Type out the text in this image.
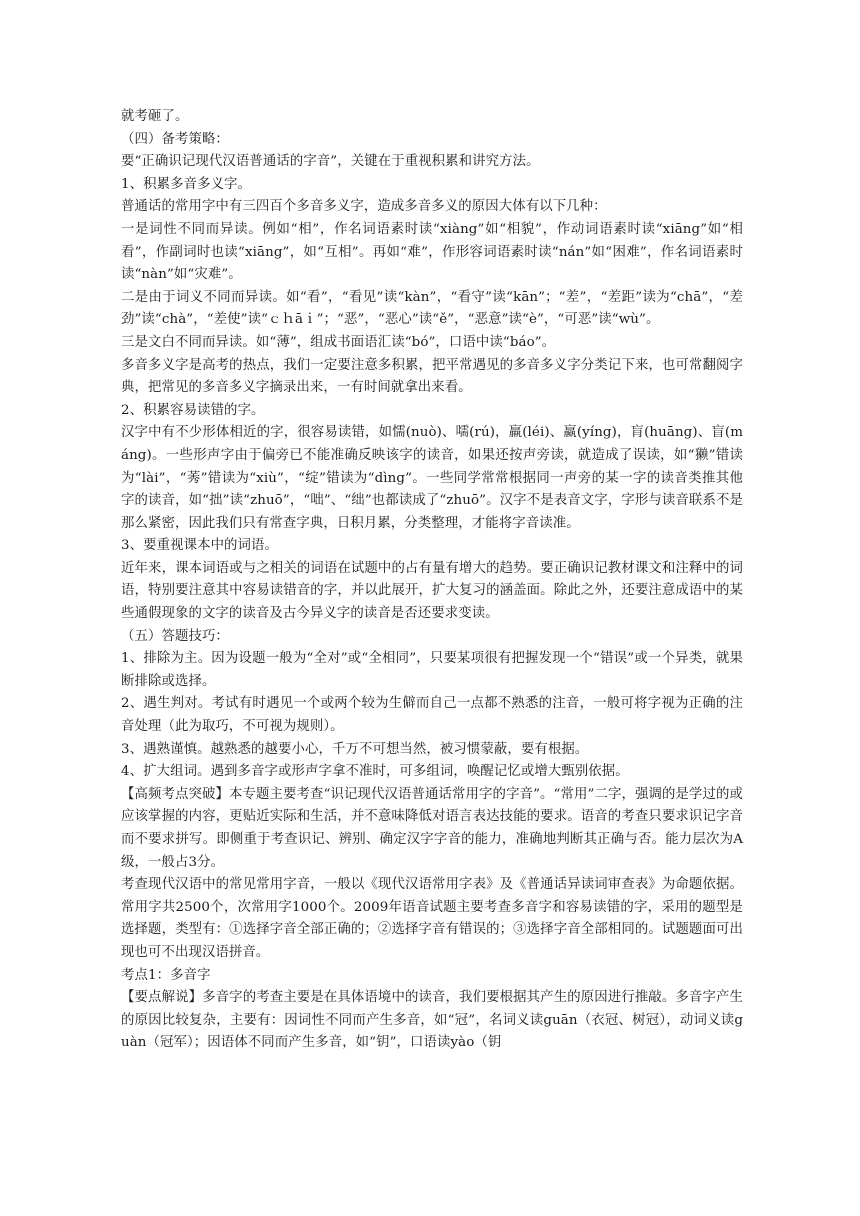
就考砸了。

（四）备考策略：

要“正确识记现代汉语普通话的字音”，关键在于重视积累和讲究方法。

1、积累多音多义字。

普通话的常用字中有三四百个多音多义字，造成多音多义的原因大体有以下几种：

一是词性不同而异读。例如“相”，作名词语素时读“xiàng”如“相貌”，作动词语素时读“xiāng”如“相看”，作副词时也读“xiāng”，如“互相”。再如“难”，作形容词语素时读“nán”如“困难”，作名词语素时读“nàn”如“灾难”。

二是由于词义不同而异读。如“看”，“看见”读“kàn”，“看守”读“kān”；“差”，“差距”读为“chā”，“差劲”读“chà”，“差使”读“ｃｈāｉ”；“恶”，“恶心”读“ě”，“恶意”读“è”，“可恶”读“wù”。

三是文白不同而异读。如“薄”，组成书面语汇读“bó”，口语中读“báo”。

多音多义字是高考的热点，我们一定要注意多积累，把平常遇见的多音多义字分类记下来，也可常翻阅字典，把常见的多音多义字摘录出来，一有时间就拿出来看。

2、积累容易读错的字。

汉字中有不少形体相近的字，很容易读错，如懦(nuò)、嚅(rú)，羸(léi)、赢(yíng)，肓(huāng)、盲(máng)。一些形声字由于偏旁已不能准确反映该字的读音，如果还按声旁读，就造成了误读，如“獭”错读为“lài”，“莠”错读为“xiù”，“绽”错读为“dìng”。一些同学常常根据同一声旁的某一字的读音类推其他字的读音，如“拙”读“zhuō”，“咄”、“绌”也都读成了“zhuō”。汉字不是表音文字，字形与读音联系不是那么紧密，因此我们只有常查字典，日积月累，分类整理，才能将字音读准。

3、要重视课本中的词语。

近年来，课本词语或与之相关的词语在试题中的占有量有增大的趋势。要正确识记教材课文和注释中的词语，特别要注意其中容易读错音的字，并以此展开，扩大复习的涵盖面。除此之外，还要注意成语中的某些通假现象的文字的读音及古今异义字的读音是否还要求变读。

（五）答题技巧：

1、排除为主。因为设题一般为“全对”或“全相同”，只要某项很有把握发现一个“错误”或一个异类，就果断排除或选择。

2、遇生判对。考试有时遇见一个或两个较为生僻而自己一点都不熟悉的注音，一般可将字视为正确的注音处理（此为取巧，不可视为规则）。

3、遇熟谨慎。越熟悉的越要小心，千万不可想当然，被习惯蒙蔽，要有根据。

4、扩大组词。遇到多音字或形声字拿不准时，可多组词，唤醒记忆或增大甄别依据。

【高频考点突破】本专题主要考查“识记现代汉语普通话常用字的字音”。“常用”二字，强调的是学过的或应该掌握的内容，更贴近实际和生活，并不意味降低对语言表达技能的要求。语音的考查只要求识记字音而不要求拼写。即侧重于考查识记、辨别、确定汉字字音的能力，准确地判断其正确与否。能力层次为A级，一般占3分。

考查现代汉语中的常见常用字音，一般以《现代汉语常用字表》及《普通话异读词审查表》为命题依据。常用字共2500个，次常用字1000个。2009年语音试题主要考查多音字和容易读错的字，采用的题型是选择题，类型有：①选择字音全部正确的；②选择字音有错误的；③选择字音全部相同的。试题题面可出现也可不出现汉语拼音。

考点1：多音字

【要点解说】多音字的考查主要是在具体语境中的读音，我们要根据其产生的原因进行推敲。多音字产生的原因比较复杂，主要有：因词性不同而产生多音，如“冠”，名词义读guān（衣冠、树冠），动词义读guàn（冠军）；因语体不同而产生多音，如“钥”，口语读yào（钥
